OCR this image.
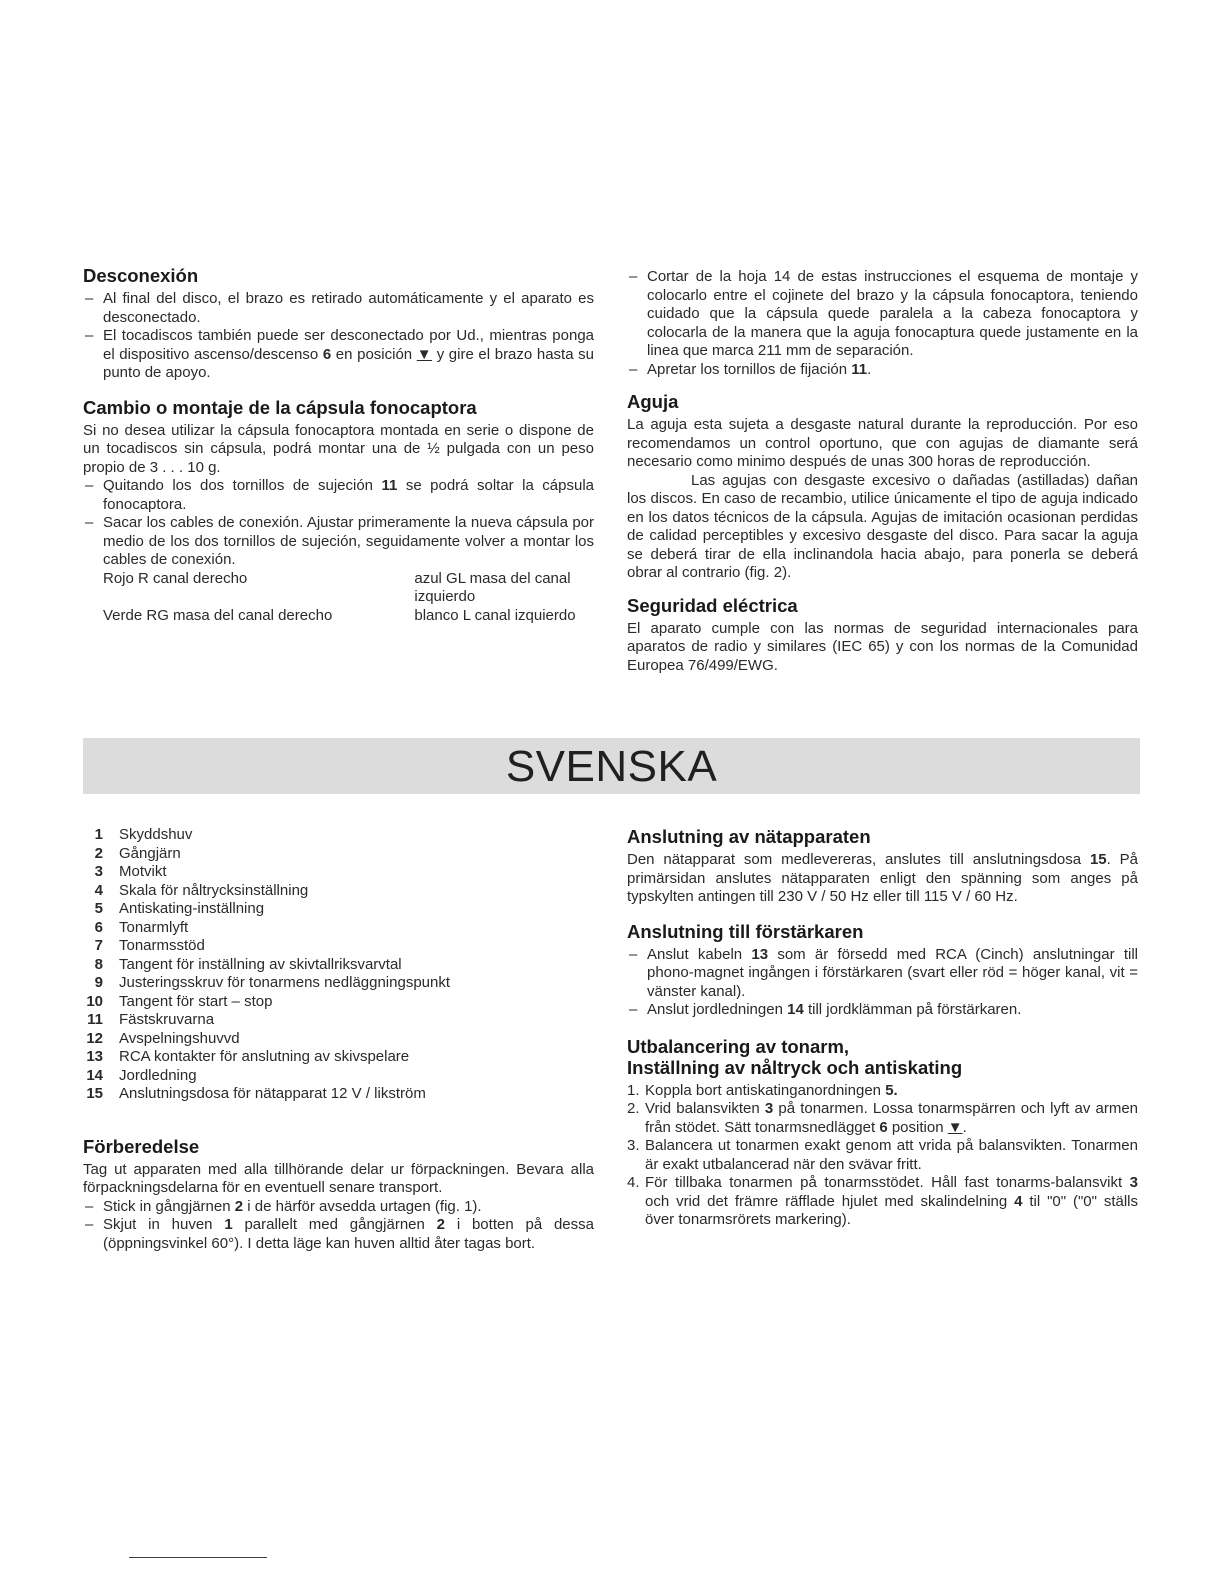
Desconexión
– Al final del disco, el brazo es retirado automáticamente y el aparato es desconectado.
– El tocadiscos también puede ser desconectado por Ud., mientras ponga el dispositivo ascenso/descenso 6 en posición ▼ y gire el brazo hasta su punto de apoyo.
Cambio o montaje de la cápsula fonocaptora

Si no desea utilizar la cápsula fonocaptora montada en serie o dispone de un tocadiscos sin cápsula, podrá montar una de ½ pulgada con un peso propio de 3 . . . 10 g.

– Quitando los dos tornillos de sujeción 11 se podrá soltar la cápsula fonocaptora.
– Sacar los cables de conexión. Ajustar primeramente la nueva cápsula por medio de los dos tornillos de sujeción, seguidamente volver a montar los cables de conexión.
Rojo R canal derecho	azul GL masa del canal izquierdo
Verde RG masa del canal derecho	blanco L canal izquierdo
– Cortar de la hoja 14 de estas instrucciones el esquema de montaje y colocarlo entre el cojinete del brazo y la cápsula fonocaptora, teniendo cuidado que la cápsula quede paralela a la cabeza fonocaptora y colocarla de la manera que la aguja fonocaptura quede justamente en la linea que marca 211 mm de separación.
– Apretar los tornillos de fijación 11.
Aguja

La aguja esta sujeta a desgaste natural durante la reproducción. Por eso recomendamos un control oportuno, que con agujas de diamante será necesario como minimo después de unas 300 horas de reproducción.

Las agujas con desgaste excesivo o dañadas (astilladas) dañan los discos. En caso de recambio, utilice únicamente el tipo de aguja indicado en los datos técnicos de la cápsula. Agujas de imitación ocasionan perdidas de calidad perceptibles y excesivo desgaste del disco. Para sacar la aguja se deberá tirar de ella inclinandola hacia abajo, para ponerla se deberá obrar al contrario (fig. 2).

Seguridad eléctrica

El aparato cumple con las normas de seguridad internacionales para aparatos de radio y similares (IEC 65) y con los normas de la Comunidad Europea 76/499/EWG.

SVENSKA
1 Skyddshuv
2 Gångjärn
3 Motvikt
4 Skala för nåltrycksinställning
5 Antiskating-inställning
6 Tonarmlyft
7 Tonarmsstöd
8 Tangent för inställning av skivtallriksvarvtal
9 Justeringsskruv för tonarmens nedläggningspunkt
10 Tangent för start – stop
11 Fästskruvarna
12 Avspelningshuvvd
13 RCA kontakter för anslutning av skivspelare
14 Jordledning
15 Anslutningsdosa för nätapparat 12 V / likström
Förberedelse

Tag ut apparaten med alla tillhörande delar ur förpackningen. Bevara alla förpackningsdelarna för en eventuell senare transport.

– Stick in gångjärnen 2 i de härför avsedda urtagen (fig. 1).
– Skjut in huven 1 parallelt med gångjärnen 2 i botten på dessa (öppningsvinkel 60°). I detta läge kan huven alltid åter tagas bort.
Anslutning av nätapparaten

Den nätapparat som medlevereras, anslutes till anslutningsdosa 15. På primärsidan anslutes nätapparaten enligt den spänning som anges på typskylten antingen till 230 V / 50 Hz eller till 115 V / 60 Hz.

Anslutning till förstärkaren
– Anslut kabeln 13 som är försedd med RCA (Cinch) anslutningar till phono-magnet ingången i förstärkaren (svart eller röd = höger kanal, vit = vänster kanal).
– Anslut jordledningen 14 till jordklämman på förstärkaren.
Utbalancering av tonarm,
Inställning av nåltryck och antiskating
1. Koppla bort antiskatinganordningen 5.
2. Vrid balansvikten 3 på tonarmen. Lossa tonarmspärren och lyft av armen från stödet. Sätt tonarmsnedlägget 6 position ▼.
3. Balancera ut tonarmen exakt genom att vrida på balansvikten. Tonarmen är exakt utbalancerad när den svävar fritt.
4. För tillbaka tonarmen på tonarmsstödet. Håll fast tonarms-balansvikt 3 och vrid det främre räfflade hjulet med skalindelning 4 til "0" ("0" ställs över tonarmsrörets markering).
